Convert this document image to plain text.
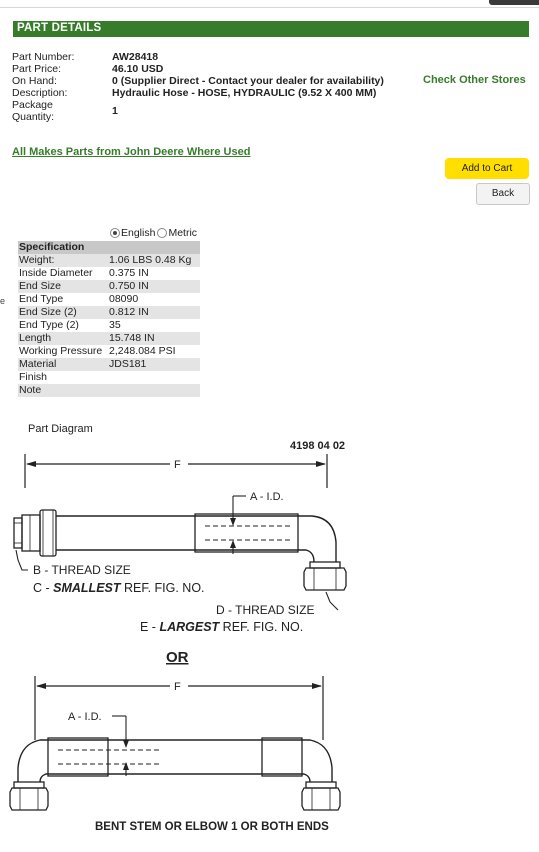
PART DETAILS
Part Number:	AW28418
Part Price:	46.10 USD
On Hand:	0 (Supplier Direct - Contact your dealer for availability)
Description:	Hydraulic Hose - HOSE, HYDRAULIC (9.52 X 400 MM)
Package
Quantity:	1
Check Other Stores
All Makes Parts from John Deere Where Used
Add to Cart
Back
English Metric
e
Specification	
Weight:	1.06 LBS 0.48 Kg
Inside Diameter	0.375 IN
End Size	0.750 IN
End Type	08090
End Size (2)	0.812 IN
End Type (2)	35
Length	15.748 IN
Working Pressure	2,248.084 PSI
Material	JDS181
Finish	
Note	
Part Diagram
4198 04 02
F
A - I.D.
B - THREAD SIZE
C - SMALLEST REF. FIG. NO.
D - THREAD SIZE
E - LARGEST REF. FIG. NO.
OR
F
A - I.D.
BENT STEM OR ELBOW 1 OR BOTH ENDS
